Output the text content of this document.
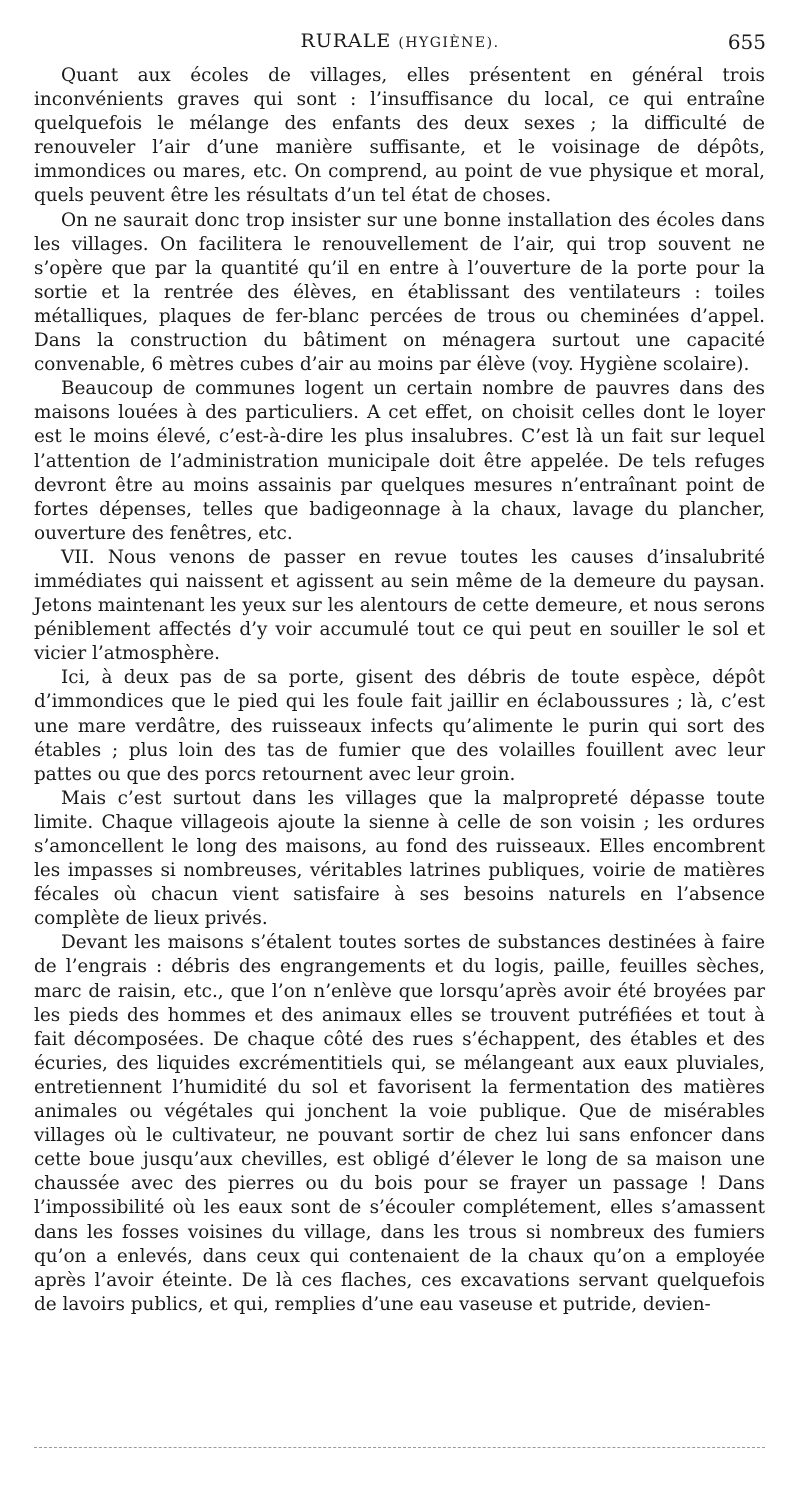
RURALE (HYGIÈNE).	655

Quant aux écoles de villages, elles présentent en général trois inconvénients graves qui sont : l’insuffisance du local, ce qui entraîne quelquefois le mélange des enfants des deux sexes ; la difficulté de renouveler l’air d’une manière suffisante, et le voisinage de dépôts, immondices ou mares, etc. On comprend, au point de vue physique et moral, quels peuvent être les résultats d’un tel état de choses.

On ne saurait donc trop insister sur une bonne installation des écoles dans les villages. On facilitera le renouvellement de l’air, qui trop souvent ne s’opère que par la quantité qu’il en entre à l’ouverture de la porte pour la sortie et la rentrée des élèves, en établissant des ventilateurs : toiles métalliques, plaques de fer-blanc percées de trous ou cheminées d’appel. Dans la construction du bâtiment on ménagera surtout une capacité convenable, 6 mètres cubes d’air au moins par élève (voy. Hygiène scolaire).

Beaucoup de communes logent un certain nombre de pauvres dans des maisons louées à des particuliers. A cet effet, on choisit celles dont le loyer est le moins élevé, c’est-à-dire les plus insalubres. C’est là un fait sur lequel l’attention de l’administration municipale doit être appelée. De tels refuges devront être au moins assainis par quelques mesures n’entraînant point de fortes dépenses, telles que badigeonnage à la chaux, lavage du plancher, ouverture des fenêtres, etc.

VII. Nous venons de passer en revue toutes les causes d’insalubrité immédiates qui naissent et agissent au sein même de la demeure du paysan. Jetons maintenant les yeux sur les alentours de cette demeure, et nous serons péniblement affectés d’y voir accumulé tout ce qui peut en souiller le sol et vicier l’atmosphère.

Ici, à deux pas de sa porte, gisent des débris de toute espèce, dépôt d’immondices que le pied qui les foule fait jaillir en éclaboussures ; là, c’est une mare verdâtre, des ruisseaux infects qu’alimente le purin qui sort des étables ; plus loin des tas de fumier que des volailles fouillent avec leur pattes ou que des porcs retournent avec leur groin.

Mais c’est surtout dans les villages que la malpropreté dépasse toute limite. Chaque villageois ajoute la sienne à celle de son voisin ; les ordures s’amoncellent le long des maisons, au fond des ruisseaux. Elles encombrent les impasses si nombreuses, véritables latrines publiques, voirie de matières fécales où chacun vient satisfaire à ses besoins naturels en l’absence complète de lieux privés.

Devant les maisons s’étalent toutes sortes de substances destinées à faire de l’engrais : débris des engrangements et du logis, paille, feuilles sèches, marc de raisin, etc., que l’on n’enlève que lorsqu’après avoir été broyées par les pieds des hommes et des animaux elles se trouvent putréfiées et tout à fait décomposées. De chaque côté des rues s’échappent, des étables et des écuries, des liquides excrémentitiels qui, se mélangeant aux eaux pluviales, entretiennent l’humidité du sol et favorisent la fermentation des matières animales ou végétales qui jonchent la voie publique. Que de misérables villages où le cultivateur, ne pouvant sortir de chez lui sans enfoncer dans cette boue jusqu’aux chevilles, est obligé d’élever le long de sa maison une chaussée avec des pierres ou du bois pour se frayer un passage ! Dans l’impossibilité où les eaux sont de s’écouler complétement, elles s’amassent dans les fosses voisines du village, dans les trous si nombreux des fumiers qu’on a enlevés, dans ceux qui contenaient de la chaux qu’on a employée après l’avoir éteinte. De là ces flaches, ces excavations servant quelquefois de lavoirs publics, et qui, remplies d’une eau vaseuse et putride, devien-
